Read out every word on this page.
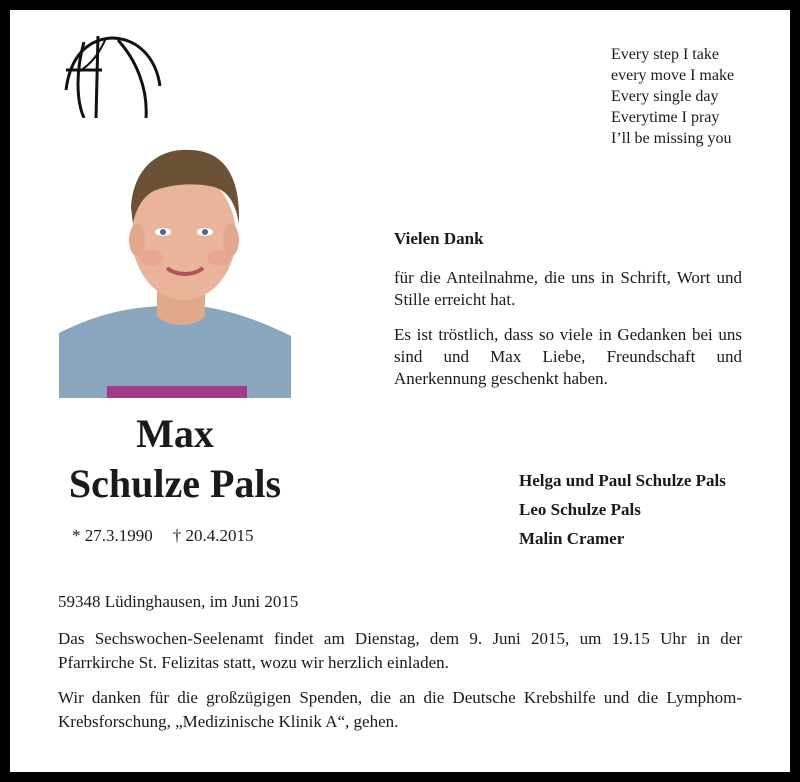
Every step I take
every move I make
Every single day
Everytime I pray
I’ll be missing you
Max
Schulze Pals
* 27.3.1990 † 20.4.2015
Vielen Dank

für die Anteilnahme, die uns in Schrift, Wort und Stille erreicht hat.

Es ist tröstlich, dass so viele in Gedanken bei uns sind und Max Liebe, Freundschaft und Anerkennung geschenkt haben.

Helga und Paul Schulze Pals
Leo Schulze Pals
Malin Cramer

59348 Lüdinghausen, im Juni 2015

Das Sechswochen-Seelenamt findet am Dienstag, dem 9. Juni 2015, um 19.15 Uhr in der Pfarrkirche St. Felizitas statt, wozu wir herzlich einladen.

Wir danken für die großzügigen Spenden, die an die Deutsche Krebshilfe und die Lymphom-Krebsforschung, „Medizinische Klinik A“, gehen.
